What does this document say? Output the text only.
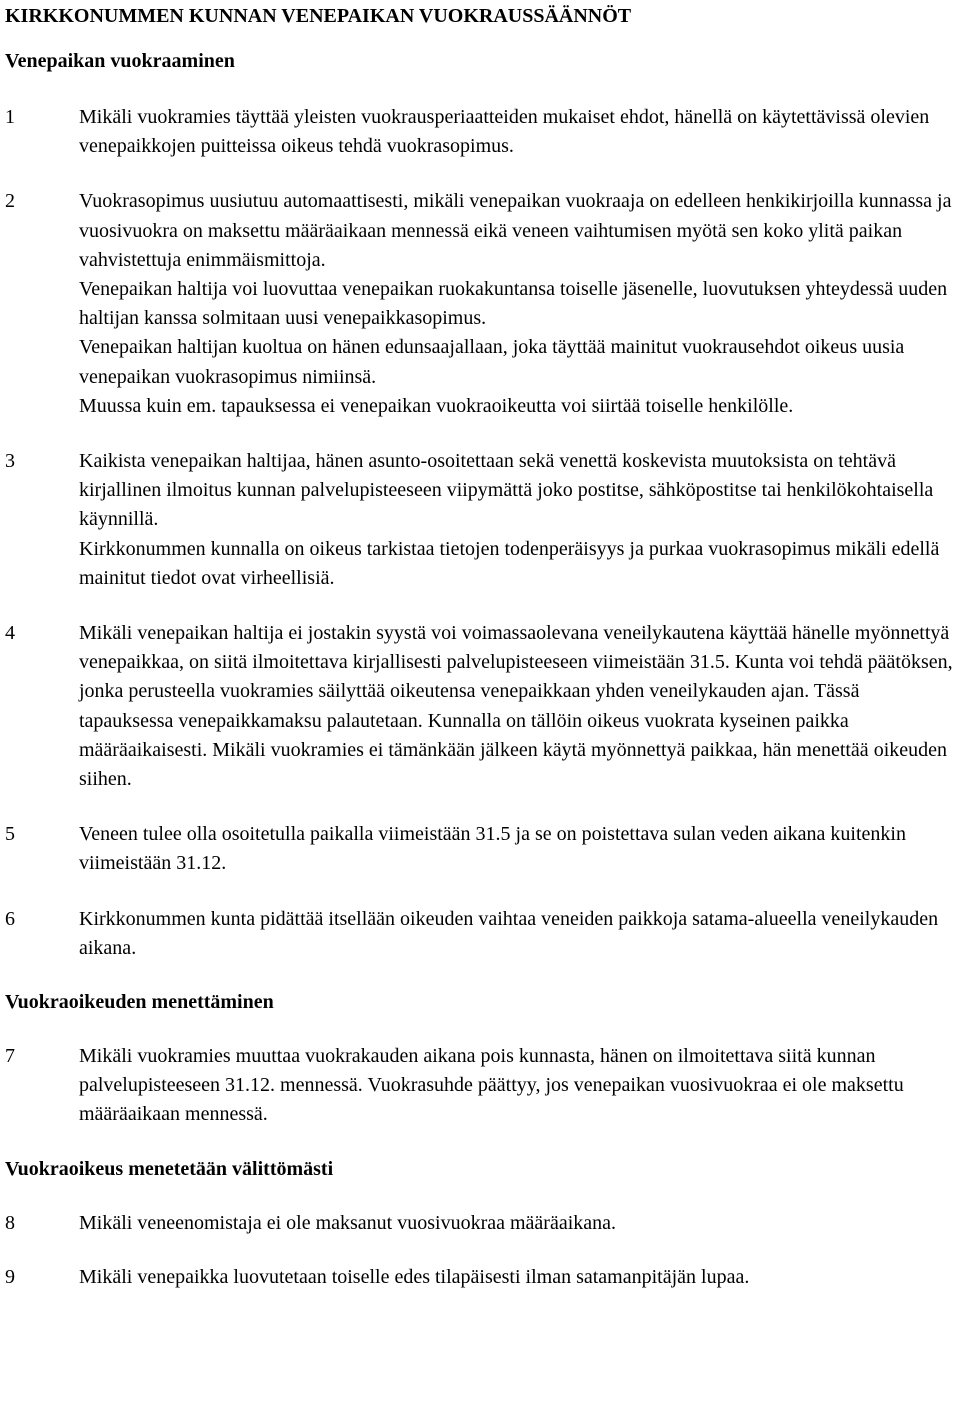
KIRKKONUMMEN KUNNAN VENEPAIKAN VUOKRAUSSÄÄNNÖT
Venepaikan vuokraaminen
1	Mikäli vuokramies täyttää yleisten vuokrausperiaatteiden mukaiset ehdot, hänellä on käytettävissä olevien venepaikkojen puitteissa oikeus tehdä vuokrasopimus.

2	Vuokrasopimus uusiutuu automaattisesti, mikäli venepaikan vuokraaja on edelleen henkikirjoilla kunnassa ja vuosivuokra on maksettu määräaikaan mennessä eikä veneen vaihtumisen myötä sen koko ylitä paikan vahvistettuja enimmäismittoja.

Venepaikan haltija voi luovuttaa venepaikan ruokakuntansa toiselle jäsenelle, luovutuksen yhteydessä uuden haltijan kanssa solmitaan uusi venepaikkasopimus.

Venepaikan haltijan kuoltua on hänen edunsaajallaan, joka täyttää mainitut vuokrausehdot oikeus uusia venepaikan vuokrasopimus nimiinsä.

Muussa kuin em. tapauksessa ei venepaikan vuokraoikeutta voi siirtää toiselle henkilölle.

3	Kaikista venepaikan haltijaa, hänen asunto-osoitettaan sekä venettä koskevista muutoksista on tehtävä kirjallinen ilmoitus kunnan palvelupisteeseen viipymättä joko postitse, sähköpostitse tai henkilökohtaisella käynnillä.

Kirkkonummen kunnalla on oikeus tarkistaa tietojen todenperäisyys ja purkaa vuokrasopimus mikäli edellä mainitut tiedot ovat virheellisiä.

4	Mikäli venepaikan haltija ei jostakin syystä voi voimassaolevana veneilykautena käyttää hänelle myönnettyä venepaikkaa, on siitä ilmoitettava kirjallisesti palvelupisteeseen viimeistään 31.5. Kunta voi tehdä päätöksen, jonka perusteella vuokramies säilyttää oikeutensa venepaikkaan yhden veneilykauden ajan. Tässä tapauksessa venepaikkamaksu palautetaan. Kunnalla on tällöin oikeus vuokrata kyseinen paikka määräaikaisesti. Mikäli vuokramies ei tämänkään jälkeen käytä myönnettyä paikkaa, hän menettää oikeuden siihen.

5	Veneen tulee olla osoitetulla paikalla viimeistään 31.5 ja se on poistettava sulan veden aikana kuitenkin viimeistään 31.12.

6	Kirkkonummen kunta pidättää itsellään oikeuden vaihtaa veneiden paikkoja satama-alueella veneilykauden aikana.

Vuokraoikeuden menettäminen
7	Mikäli vuokramies muuttaa vuokrakauden aikana pois kunnasta, hänen on ilmoitettava siitä kunnan palvelupisteeseen 31.12. mennessä. Vuokrasuhde päättyy, jos venepaikan vuosivuokraa ei ole maksettu määräaikaan mennessä.

Vuokraoikeus menetetään välittömästi
8	Mikäli veneenomistaja ei ole maksanut vuosivuokraa määräaikana.

9	Mikäli venepaikka luovutetaan toiselle edes tilapäisesti ilman satamanpitäjän lupaa.
